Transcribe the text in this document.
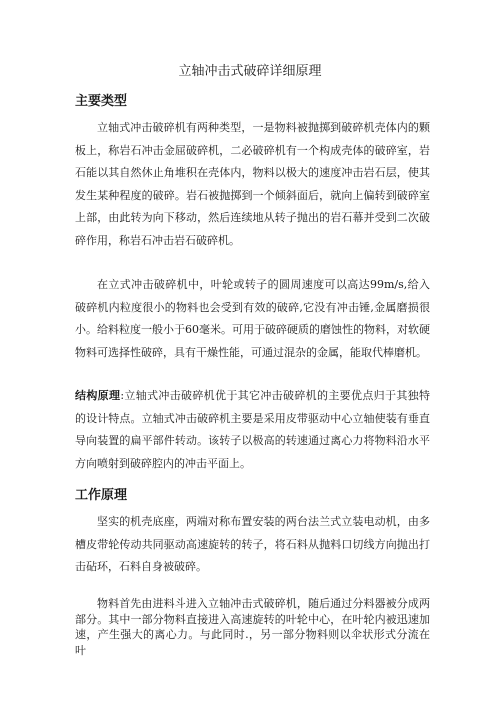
立轴冲击式破碎详细原理
主要类型

立轴式冲击破碎机有两种类型，一是物料被抛掷到破碎机壳体内的颗板上，称岩石冲击金屈破碎机，二必破碎机有一个构成壳体的破碎室，岩石能以其自然休止角堆积在壳体内，物料以极大的速度冲击岩石层，使其发生某种程度的破碎。岩石被抛掷到一个倾斜面后，就向上偏转到破碎室上部，由此转为向下移动，然后连续地从转子抛出的岩石幕并受到二次破碎作用，称岩石冲击岩石破碎机。

在立式冲击破碎机中，叶轮或转子的圆周速度可以高达99m∕s,给入破碎机内粒度很小的物料也会受到有效的破碎,它没有冲击锤,金属磨损很小。给料粒度一般小于60毫米。可用于破碎硬质的磨蚀性的物料，对软硬物料可选择性破碎，具有干燥性能，可通过混杂的金属，能取代棒磨机。

结构原理:立轴式冲击破碎机优于其它冲击破碎机的主要优点归于其独特的设计特点。立轴式冲击破碎机主要是采用皮带驱动中心立轴使装有垂直导向装置的扁平部件转动。该转子以极高的转速通过离心力将物料沿水平方向喷射到破碎腔内的冲击平面上。

工作原理

坚实的机壳底座，两端对称布置安装的两台法兰式立装电动机，由多槽皮带轮传动共同驱动高速旋转的转子，将石料从抛料口切线方向抛出打击砧环，石料自身被破碎。

物料首先由进料斗进入立轴冲击式破碎机，随后通过分料器被分成两部分。其中一部分物料直接进入高速旋转的叶轮中心，在叶轮内被迅速加速，产生强大的离心力。与此同时.，另一部分物料则以伞状形式分流在叶
